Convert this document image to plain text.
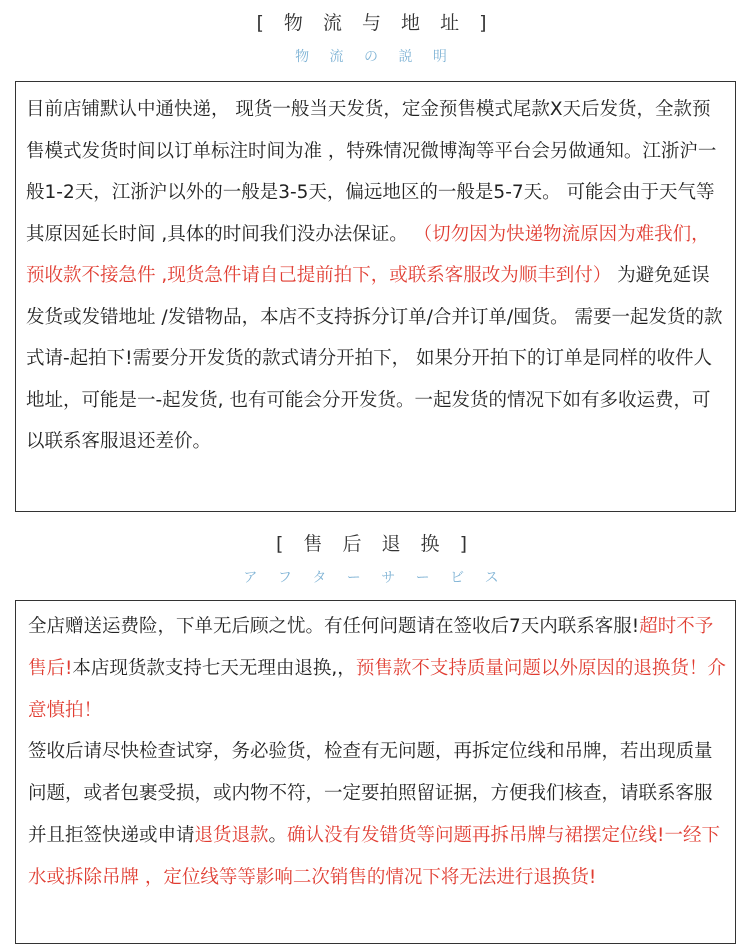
[ 物 流 与 地 址 ]
物 流 の 説 明
目前店铺默认中通快递， 现货一般当天发货，定金预售模式尾款X天后发货，全款预售模式发货时间以订单标注时间为准 ，特殊情况微博淘等平台会另做通知。江浙沪一般1-2天，江浙沪以外的一般是3-5天，偏远地区的一般是5-7天。 可能会由于天气等其原因延长时间 ,具体的时间我们没办法保证。 （切勿因为快递物流原因为难我们，预收款不接急件 ,现货急件请自己提前拍下，或联系客服改为顺丰到付） 为避免延误发货或发错地址 /发错物品，本店不支持拆分订单/合并订单/囤货。 需要一起发货的款式请-起拍下!需要分开发货的款式请分开拍下， 如果分开拍下的订单是同样的收件人地址，可能是一-起发货, 也有可能会分开发货。一起发货的情况下如有多收运费，可以联系客服退还差价。
[ 售 后 退 换 ]
ア フ タ ー サ ー ビ ス
全店赠送运费险，下单无后顾之忧。有任何问题请在签收后7天内联系客服!超时不予售后!本店现货款支持七天无理由退换,，预售款不支持质量问题以外原因的退换货！介意慎拍！
签收后请尽快检查试穿，务必验货，检查有无问题，再拆定位线和吊牌，若出现质量问题，或者包裹受损，或内物不符，一定要拍照留证据，方便我们核查，请联系客服并且拒签快递或申请退货退款。确认没有发错货等问题再拆吊牌与裙摆定位线!一经下水或拆除吊牌 ，定位线等等影响二次销售的情况下将无法进行退换货!
